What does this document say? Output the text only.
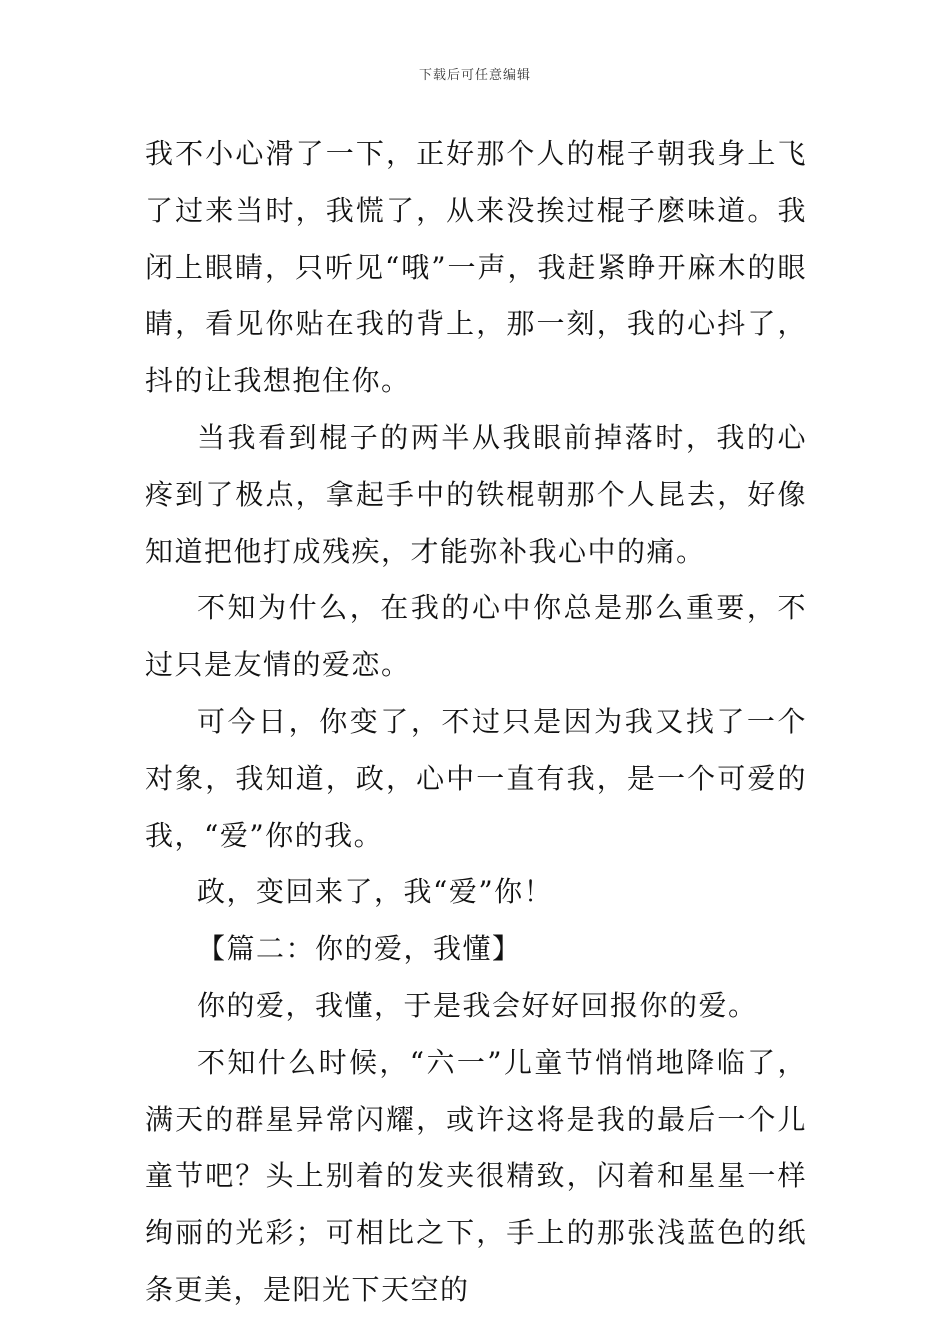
下载后可任意编辑

我不小心滑了一下，正好那个人的棍子朝我身上飞了过来当时，我慌了，从来没挨过棍子麽味道。我闭上眼睛，只听见“哦”一声，我赶紧睁开麻木的眼睛，看见你贴在我的背上，那一刻，我的心抖了，抖的让我想抱住你。

当我看到棍子的两半从我眼前掉落时，我的心疼到了极点，拿起手中的铁棍朝那个人昆去，好像知道把他打成残疾，才能弥补我心中的痛。

不知为什么，在我的心中你总是那么重要，不过只是友情的爱恋。

可今日，你变了，不过只是因为我又找了一个对象，我知道，政，心中一直有我，是一个可爱的我，“爱”你的我。

政，变回来了，我“爱”你！

【篇二：你的爱，我懂】

你的爱，我懂，于是我会好好回报你的爱。

不知什么时候，“六一”儿童节悄悄地降临了，满天的群星异常闪耀，或许这将是我的最后一个儿童节吧？头上别着的发夹很精致，闪着和星星一样绚丽的光彩；可相比之下，手上的那张浅蓝色的纸条更美，是阳光下天空的
